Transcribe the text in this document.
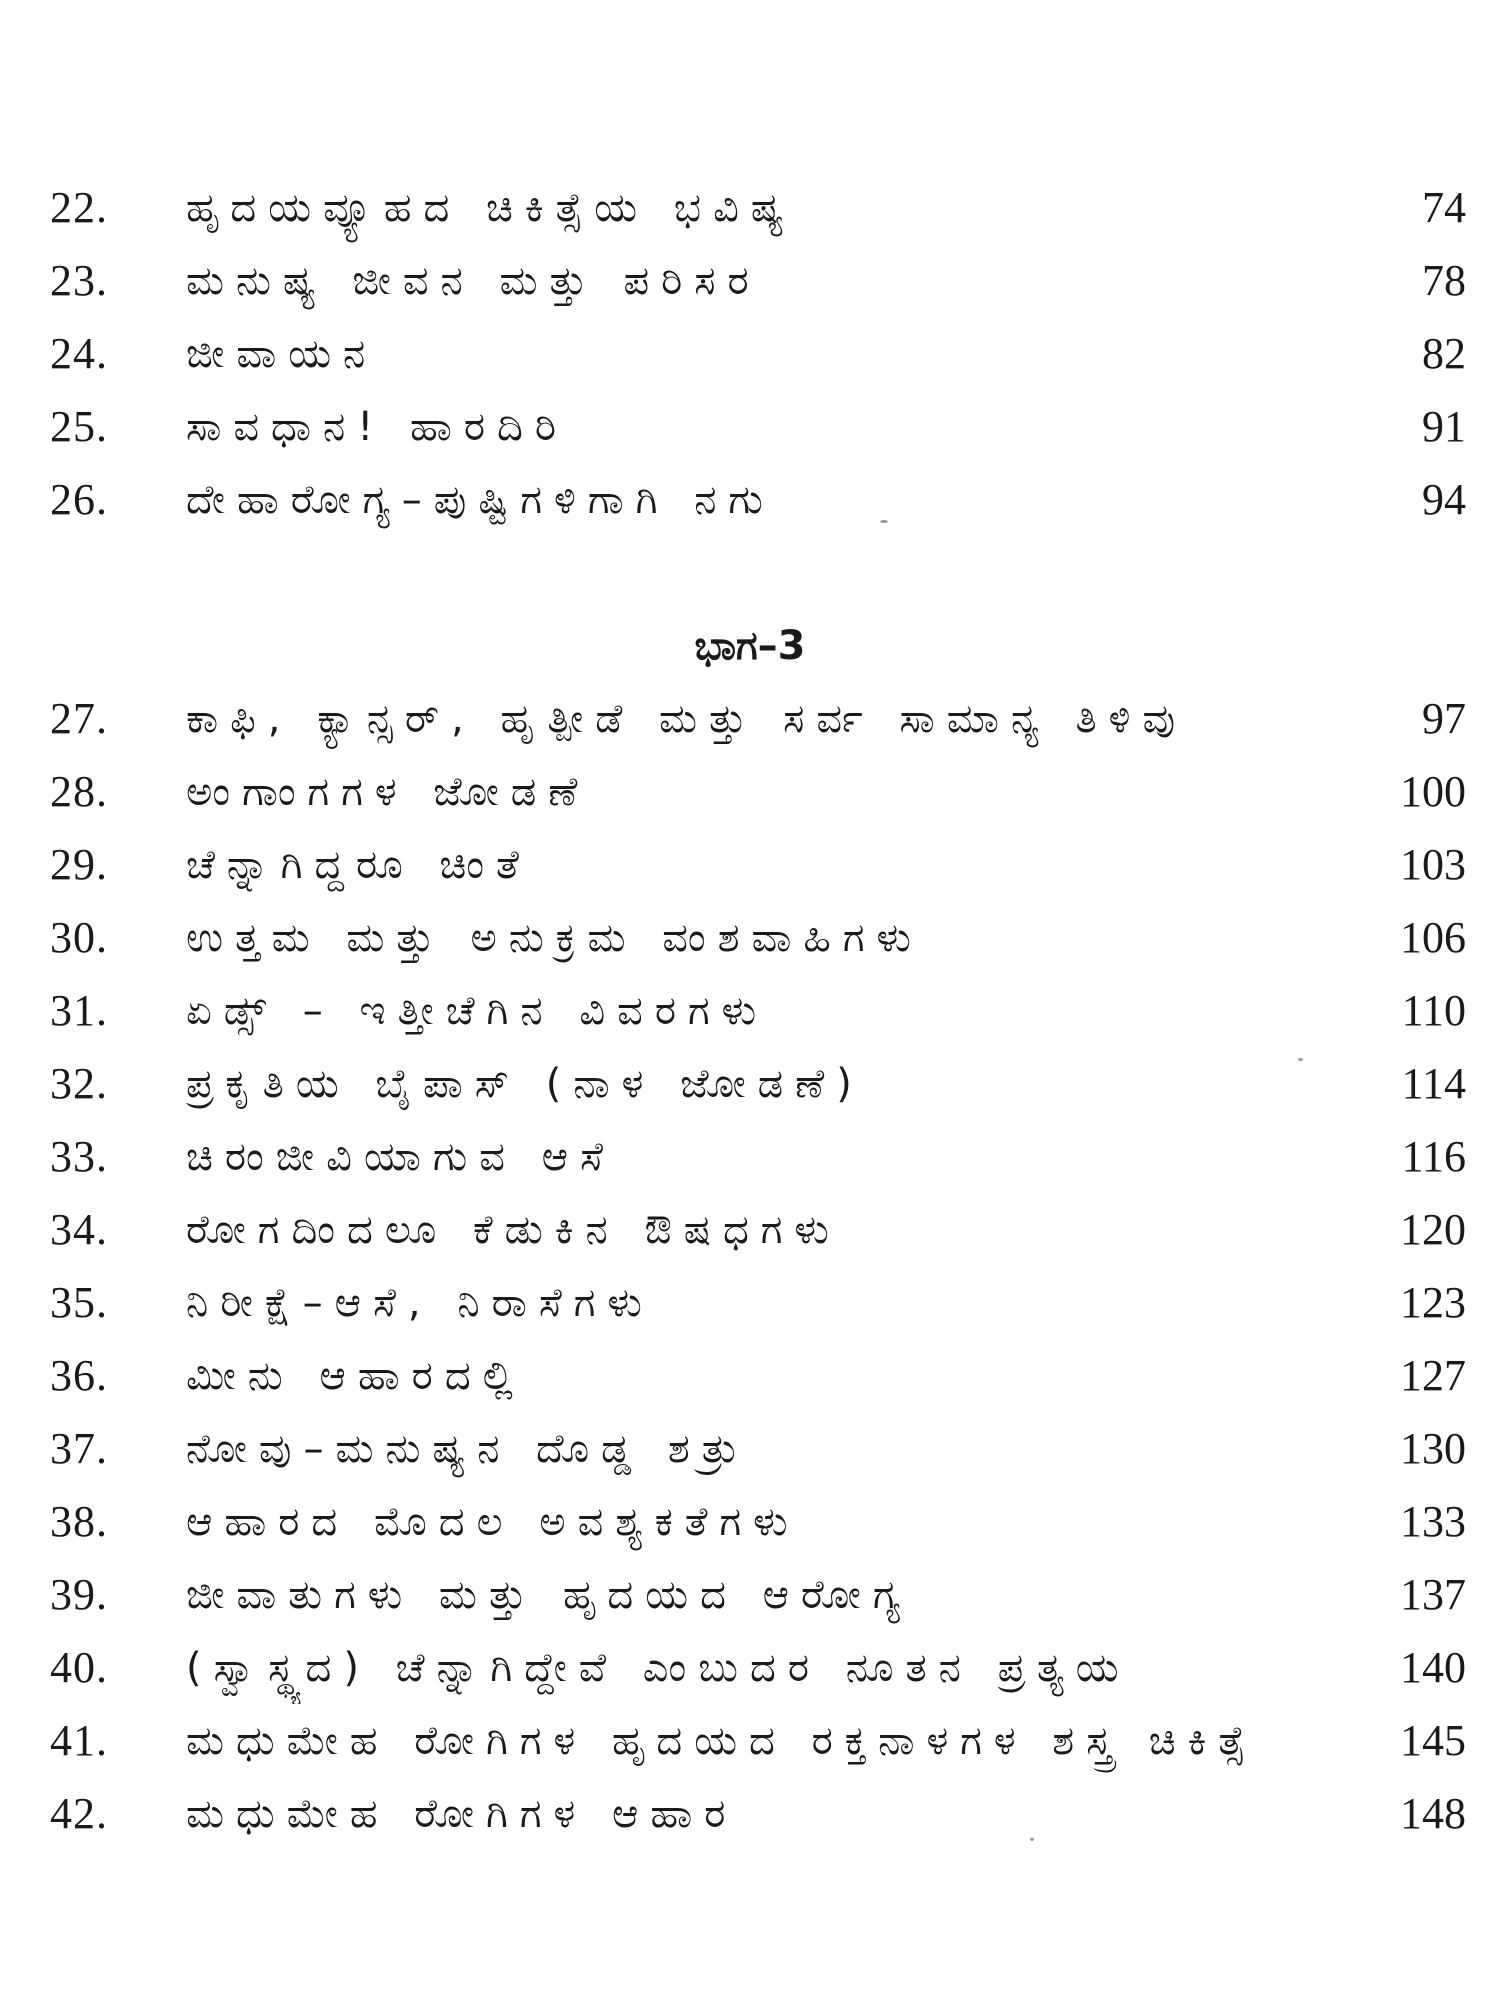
22.	ಹೃದಯವ್ಯೂಹದ ಚಿಕಿತ್ಸೆಯ ಭವಿಷ್ಯ	74
23.	ಮನುಷ್ಯ ಜೀವನ ಮತ್ತು ಪರಿಸರ	78
24.	ಜೀವಾಯನ	82
25.	ಸಾವಧಾನ! ಹಾರದಿರಿ	91
26.	ದೇಹಾರೋಗ್ಯ–ಪುಷ್ಟಿಗಳಿಗಾಗಿ ನಗು	94
ಭಾಗ–3
27.	ಕಾಫಿ, ಕ್ಯಾನ್ಸರ್, ಹೃತ್ಪೀಡೆ ಮತ್ತು ಸರ್ವ ಸಾಮಾನ್ಯ ತಿಳಿವು	97
28.	ಅಂಗಾಂಗಗಳ ಜೋಡಣೆ	100
29.	ಚೆನ್ನಾಗಿದ್ದರೂ ಚಿಂತೆ	103
30.	ಉತ್ತಮ ಮತ್ತು ಅನುಕ್ರಮ ವಂಶವಾಹಿಗಳು	106
31.	ಏಡ್ಸ್ – ಇತ್ತೀಚೆಗಿನ ವಿವರಗಳು	110
32.	ಪ್ರಕೃತಿಯ ಬೈಪಾಸ್ (ನಾಳ ಜೋಡಣೆ)	114
33.	ಚಿರಂಜೀವಿಯಾಗುವ ಆಸೆ	116
34.	ರೋಗದಿಂದಲೂ ಕೆಡುಕಿನ ಔಷಧಗಳು	120
35.	ನಿರೀಕ್ಷೆ–ಆಸೆ, ನಿರಾಸೆಗಳು	123
36.	ಮೀನು ಆಹಾರದಲ್ಲಿ	127
37.	ನೋವು–ಮನುಷ್ಯನ ದೊಡ್ಡ ಶತ್ರು	130
38.	ಆಹಾರದ ಮೊದಲ ಅವಶ್ಯಕತೆಗಳು	133
39.	ಜೀವಾತುಗಳು ಮತ್ತು ಹೃದಯದ ಆರೋಗ್ಯ	137
40.	(ಸ್ವಾಸ್ಥ್ಯದ) ಚೆನ್ನಾಗಿದ್ದೇವೆ ಎಂಬುದರ ನೂತನ ಪ್ರತ್ಯಯ	140
41.	ಮಧುಮೇಹ ರೋಗಿಗಳ ಹೃದಯದ ರಕ್ತನಾಳಗಳ ಶಸ್ತ್ರ ಚಿಕಿತ್ಸೆ	145
42.	ಮಧುಮೇಹ ರೋಗಿಗಳ ಆಹಾರ	148
